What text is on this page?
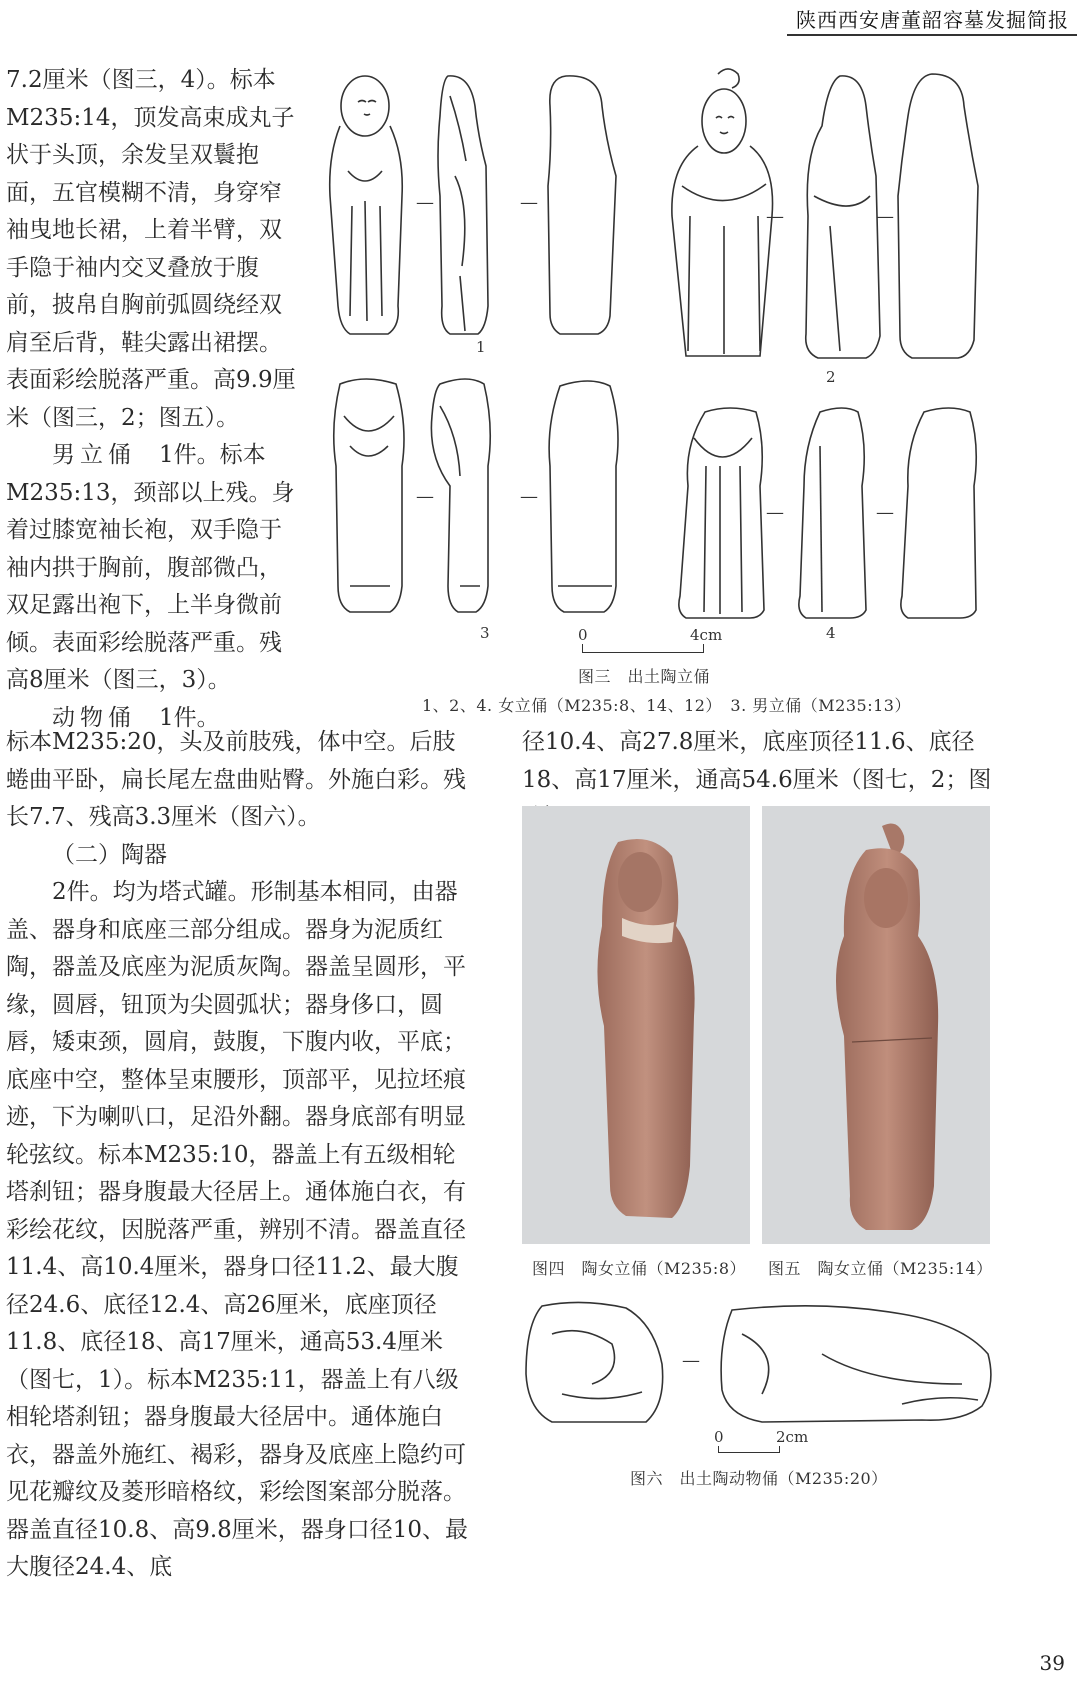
陕西西安唐董韶容墓发掘简报

7.2厘米（图三，4）。标本M235:14，顶发高束成丸子状于头顶，余发呈双鬟抱面，五官模糊不清，身穿窄袖曳地长裙，上着半臂，双手隐于袖内交叉叠放于腹前，披帛自胸前弧圆绕经双肩至后背，鞋尖露出裙摆。表面彩绘脱落严重。高9.9厘米（图三，2；图五）。

男立俑　 1件。标本M235:13，颈部以上残。身着过膝宽袖长袍，双手隐于袖内拱于胸前，腹部微凸，双足露出袍下，上半身微前倾。表面彩绘脱落严重。残高8厘米（图三，3）。

动物俑　 1件。

标本M235:20，头及前肢残，体中空。后肢蜷曲平卧，扁长尾左盘曲贴臀。外施白彩。残长7.7、残高3.3厘米（图六）。

（二）陶器

2件。均为塔式罐。形制基本相同，由器盖、器身和底座三部分组成。器身为泥质红陶，器盖及底座为泥质灰陶。器盖呈圆形，平缘，圆唇，钮顶为尖圆弧状；器身侈口，圆唇，矮束颈，圆肩，鼓腹，下腹内收，平底；底座中空，整体呈束腰形，顶部平，见拉坯痕迹，下为喇叭口，足沿外翻。器身底部有明显轮弦纹。标本M235:10，器盖上有五级相轮塔刹钮；器身腹最大径居上。通体施白衣，有彩绘花纹，因脱落严重，辨别不清。器盖直径11.4、高10.4厘米，器身口径11.2、最大腹径24.6、底径12.4、高26厘米，底座顶径11.8、底径18、高17厘米，通高53.4厘米（图七，1）。标本M235:11，器盖上有八级相轮塔刹钮；器身腹最大径居中。通体施白衣，器盖外施红、褐彩，器身及底座上隐约可见花瓣纹及菱形暗格纹，彩绘图案部分脱落。器盖直径10.8、高9.8厘米，器身口径10、最大腹径24.4、底

径10.4、高27.8厘米，底座顶径11.6、底径18、高17厘米，通高54.6厘米（图七，2；图

—	—
—	—
—	—
—	—
1
2
3	4
0	4cm
图三　出土陶立俑
1、2、4. 女立俑（M235:8、14、12）　3. 男立俑（M235:13）
图四　陶女立俑（M235:8） 图五　陶女立俑（M235:14）
—
0	2cm
图六　出土陶动物俑（M235:20）
39
